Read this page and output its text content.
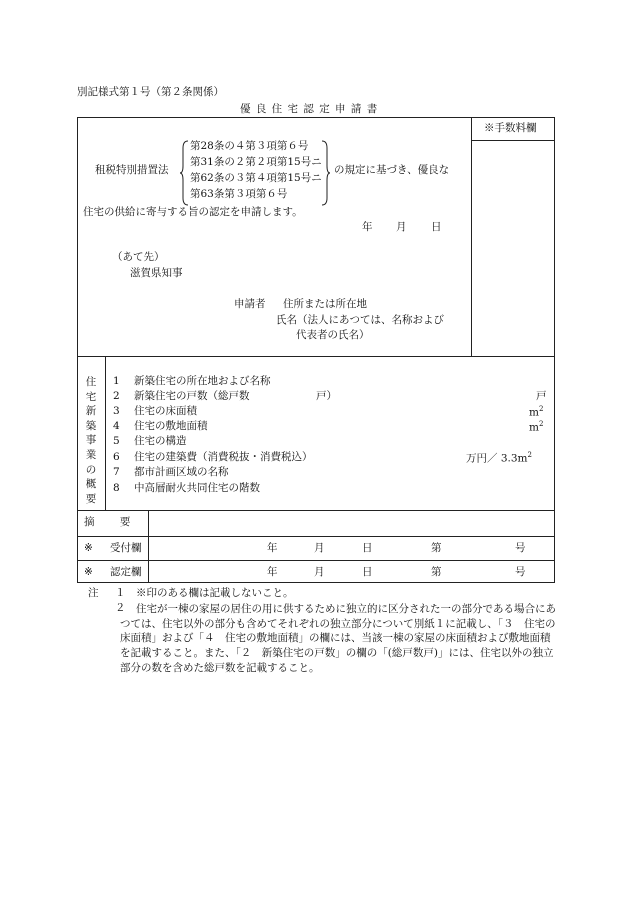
別記様式第１号（第２条関係）
優 良 住 宅 認 定 申 請 書
※手数料欄
租税特別措置法
第28条の４第３項第６号
第31条の２第２項第15号ニ
第62条の３第４項第15号ニ
第63条第３項第６号
の規定に基づき、優良な
住宅の供給に寄与する旨の認定を申請します。
年 月 日
（あて先）
滋賀県知事
申請者 住所または所在地
氏名（法人にあつては、名称および
代表者の氏名）
住宅新築事業の概要
1 新築住宅の所在地および名称
2 新築住宅の戸数（総戸数	戸）	戸
3 住宅の床面積	$m^2$
4 住宅の敷地面積	$m^2$
5 住宅の構造
6 住宅の建築費（消費税抜・消費税込）	万円／ $3.3m^2$
7 都市計画区域の名称
8 中高層耐火共同住宅の階数
摘 要
※ 受付欄	年	月	日	第	号
※ 認定欄	年	月	日	第	号
注 １ ※印のある欄は記載しないこと。
２	住宅が一棟の家屋の居住の用に供するために独立的に区分された一の部分である場合にあつては、住宅以外の部分も含めてそれぞれの独立部分について別紙１に記載し、「３　住宅の床面積」および「４　住宅の敷地面積」の欄には、当該一棟の家屋の床面積および敷地面積を記載すること。また、「２　新築住宅の戸数」の欄の「(総戸数戸)」には、住宅以外の独立部分の数を含めた総戸数を記載すること。
